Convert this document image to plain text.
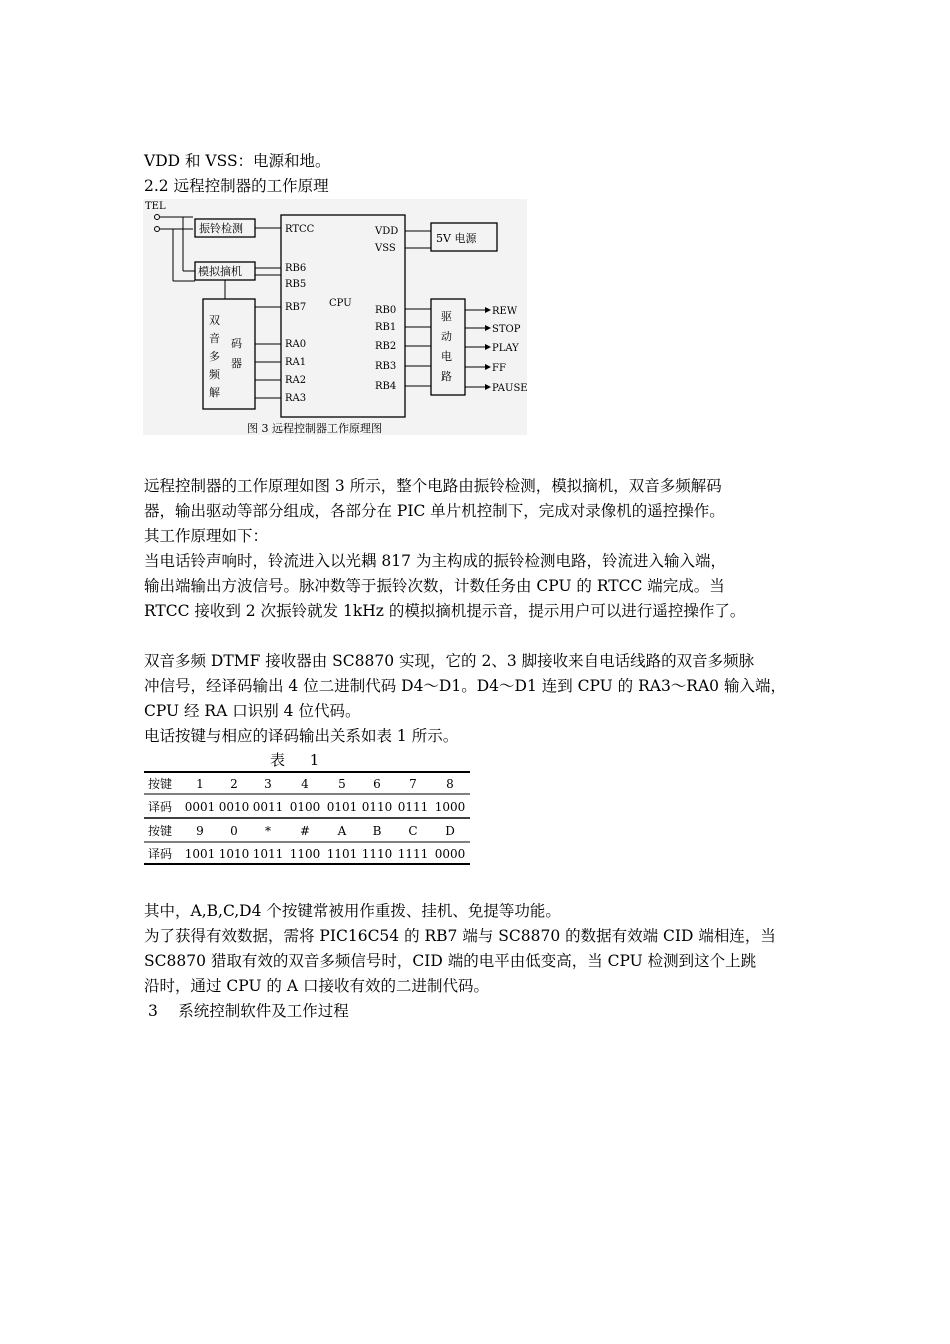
VDD 和 VSS：电源和地。
2.2 远程控制器的工作原理
TEL
振铃检测
模拟摘机
双
音
多
频
解
码
器
CPU
RTCC
RB6
RB5
RB7
RA0
RA1
RA2
RA3
VDD
VSS
RB0
RB1
RB2
RB3
RB4
5V 电源
驱
动
电
路
REW
STOP
PLAY
FF
PAUSE
图 3 远程控制器工作原理图
远程控制器的工作原理如图 3 所示，整个电路由振铃检测，模拟摘机，双音多频解码
器，输出驱动等部分组成，各部分在 PIC 单片机控制下，完成对录像机的遥控操作。
其工作原理如下：
当电话铃声响时，铃流进入以光耦 817 为主构成的振铃检测电路，铃流进入输入端，
输出端输出方波信号。脉冲数等于振铃次数，计数任务由 CPU 的 RTCC 端完成。当
RTCC 接收到 2 次振铃就发 1kHz 的模拟摘机提示音，提示用户可以进行遥控操作了。
双音多频 DTMF 接收器由 SC8870 实现，它的 2、3 脚接收来自电话线路的双音多频脉
冲信号，经译码输出 4 位二进制代码 D4～D1。D4～D1 连到 CPU 的 RA3～RA0 输入端，
CPU 经 RA 口识别 4 位代码。
电话按键与相应的译码输出关系如表 1 所示。
表 1
按键 1 2 3 4 5 6 7 8
译码 0001 0010 0011 0100 0101 0110 0111 1000
按键 9 0 * # A B C D
译码 1001 1010 1011 1100 1101 1110 1111 0000
其中，A,B,C,D4 个按键常被用作重拨、挂机、免提等功能。
为了获得有效数据，需将 PIC16C54 的 RB7 端与 SC8870 的数据有效端 CID 端相连，当
SC8870 猎取有效的双音多频信号时，CID 端的电平由低变高，当 CPU 检测到这个上跳
沿时，通过 CPU 的 A 口接收有效的二进制代码。
3　 系统控制软件及工作过程
